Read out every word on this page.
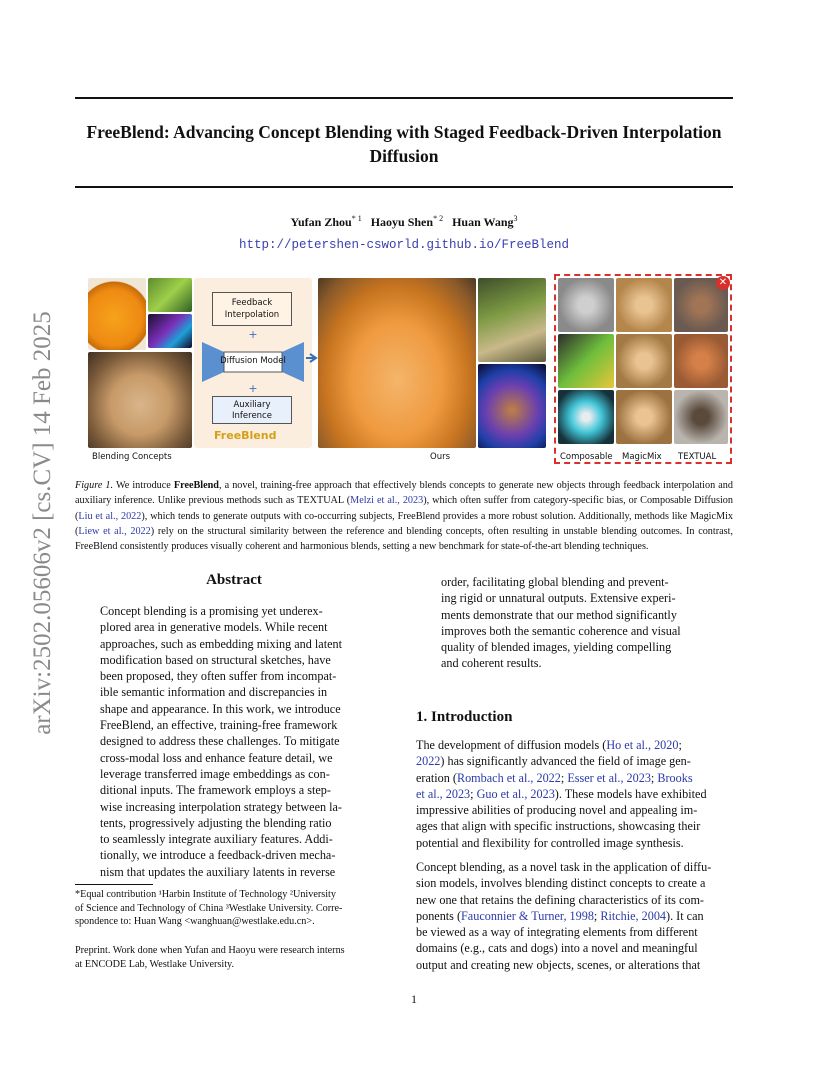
arXiv:2502.05606v2 [cs.CV] 14 Feb 2025
FreeBlend: Advancing Concept Blending with Staged Feedback-Driven Interpolation Diffusion
Yufan Zhou$^{* 1}$ Haoyu Shen$^{* 2}$ Huan Wang$^3$
http://petershen-csworld.github.io/FreeBlend
Blending Concepts
Feedback
Interpolation
+
Diffusion Model
+
Auxiliary
Inference
FreeBlend
Ours	Composable MagicMix TEXTUAL
✕
Figure 1. We introduce FreeBlend, a novel, training-free approach that effectively blends concepts to generate new objects through feedback interpolation and auxiliary inference. Unlike previous methods such as TEXTUAL (Melzi et al., 2023), which often suffer from category-specific bias, or Composable Diffusion (Liu et al., 2022), which tends to generate outputs with co-occurring subjects, FreeBlend provides a more robust solution. Additionally, methods like MagicMix (Liew et al., 2022) rely on the structural similarity between the reference and blending concepts, often resulting in unstable blending outcomes. In contrast, FreeBlend consistently produces visually coherent and harmonious blends, setting a new benchmark for state-of-the-art blending techniques.
Abstract
Concept blending is a promising yet underex-
plored area in generative models. While recent
approaches, such as embedding mixing and latent
modification based on structural sketches, have
been proposed, they often suffer from incompat-
ible semantic information and discrepancies in
shape and appearance. In this work, we introduce
FreeBlend, an effective, training-free framework
designed to address these challenges. To mitigate
cross-modal loss and enhance feature detail, we
leverage transferred image embeddings as con-
ditional inputs. The framework employs a step-
wise increasing interpolation strategy between la-
tents, progressively adjusting the blending ratio
to seamlessly integrate auxiliary features. Addi-
tionally, we introduce a feedback-driven mecha-
nism that updates the auxiliary latents in reverse
order, facilitating global blending and prevent-
ing rigid or unnatural outputs. Extensive experi-
ments demonstrate that our method significantly
improves both the semantic coherence and visual
quality of blended images, yielding compelling
and coherent results.
*Equal contribution ¹Harbin Institute of Technology ²University
of Science and Technology of China ³Westlake University. Corre-
spondence to: Huan Wang <wanghuan@westlake.edu.cn>.
Preprint. Work done when Yufan and Haoyu were research interns
at ENCODE Lab, Westlake University.
1. Introduction
The development of diffusion models (Ho et al., 2020;
2022) has significantly advanced the field of image gen-
eration (Rombach et al., 2022; Esser et al., 2023; Brooks
et al., 2023; Guo et al., 2023). These models have exhibited
impressive abilities of producing novel and appealing im-
ages that align with specific instructions, showcasing their
potential and flexibility for controlled image synthesis.
Concept blending, as a novel task in the application of diffu-
sion models, involves blending distinct concepts to create a
new one that retains the defining characteristics of its com-
ponents (Fauconnier & Turner, 1998; Ritchie, 2004). It can
be viewed as a way of integrating elements from different
domains (e.g., cats and dogs) into a novel and meaningful
output and creating new objects, scenes, or alterations that
1
